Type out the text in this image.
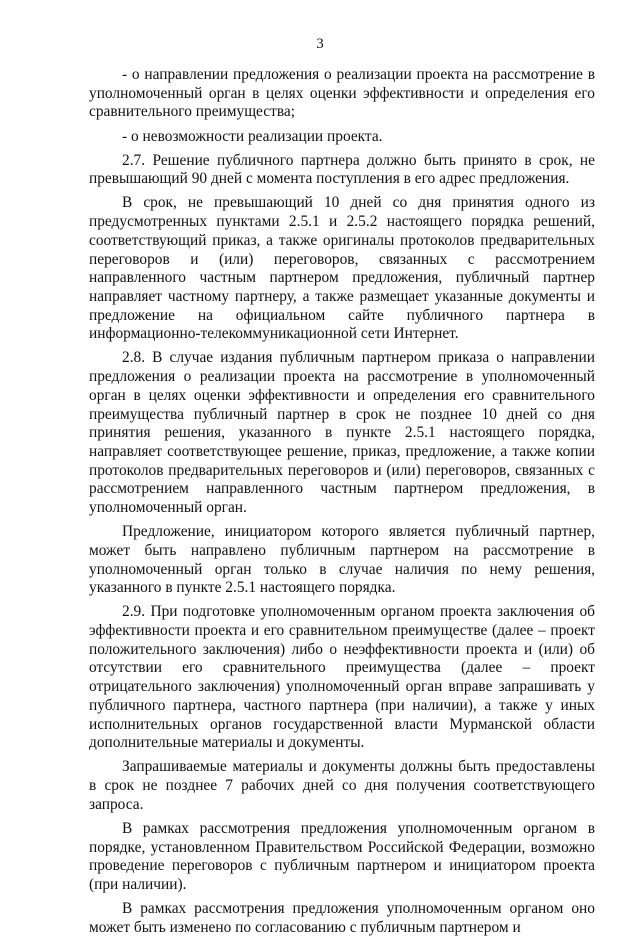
3

- о направлении предложения о реализации проекта на рассмотрение в уполномоченный орган в целях оценки эффективности и определения его сравнительного преимущества;

- о невозможности реализации проекта.

2.7. Решение публичного партнера должно быть принято в срок, не превышающий 90 дней с момента поступления в его адрес предложения.

В срок, не превышающий 10 дней со дня принятия одного из предусмотренных пунктами 2.5.1 и 2.5.2 настоящего порядка решений, соответствующий приказ, а также оригиналы протоколов предварительных переговоров и (или) переговоров, связанных с рассмотрением направленного частным партнером предложения, публичный партнер направляет частному партнеру, а также размещает указанные документы и предложение на официальном сайте публичного партнера в информационно-телекоммуникационной сети Интернет.

2.8. В случае издания публичным партнером приказа о направлении предложения о реализации проекта на рассмотрение в уполномоченный орган в целях оценки эффективности и определения его сравнительного преимущества публичный партнер в срок не позднее 10 дней со дня принятия решения, указанного в пункте 2.5.1 настоящего порядка, направляет соответствующее решение, приказ, предложение, а также копии протоколов предварительных переговоров и (или) переговоров, связанных с рассмотрением направленного частным партнером предложения, в уполномоченный орган.

Предложение, инициатором которого является публичный партнер, может быть направлено публичным партнером на рассмотрение в уполномоченный орган только в случае наличия по нему решения, указанного в пункте 2.5.1 настоящего порядка.

2.9. При подготовке уполномоченным органом проекта заключения об эффективности проекта и его сравнительном преимуществе (далее – проект положительного заключения) либо о неэффективности проекта и (или) об отсутствии его сравнительного преимущества (далее – проект отрицательного заключения) уполномоченный орган вправе запрашивать у публичного партнера, частного партнера (при наличии), а также у иных исполнительных органов государственной власти Мурманской области дополнительные материалы и документы.

Запрашиваемые материалы и документы должны быть предоставлены в срок не позднее 7 рабочих дней со дня получения соответствующего запроса.

В рамках рассмотрения предложения уполномоченным органом в порядке, установленном Правительством Российской Федерации, возможно проведение переговоров с публичным партнером и инициатором проекта (при наличии).

В рамках рассмотрения предложения уполномоченным органом оно может быть изменено по согласованию с публичным партнером и
